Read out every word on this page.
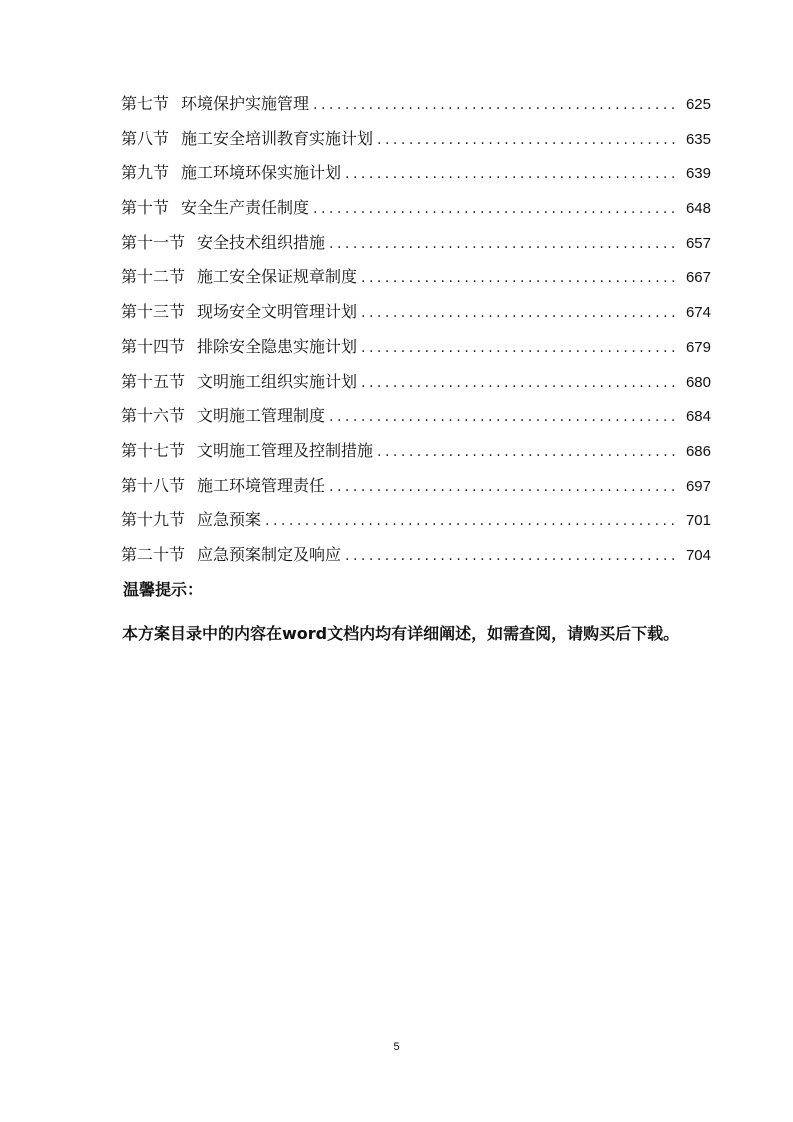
第七节 环境保护实施管理 .....	625
第八节 施工安全培训教育实施计划 .....	635
第九节 施工环境环保实施计划 .....	639
第十节 安全生产责任制度 .....	648
第十一节 安全技术组织措施 .....	657
第十二节 施工安全保证规章制度 .....	667
第十三节 现场安全文明管理计划 .....	674
第十四节 排除安全隐患实施计划 .....	679
第十五节 文明施工组织实施计划 .....	680
第十六节 文明施工管理制度 .....	684
第十七节 文明施工管理及控制措施 .....	686
第十八节 施工环境管理责任 .....	697
第十九节 应急预案 .....	701
第二十节 应急预案制定及响应 .....	704

温馨提示：

本方案目录中的内容在word文档内均有详细阐述，如需查阅，请购买后下载。

5
